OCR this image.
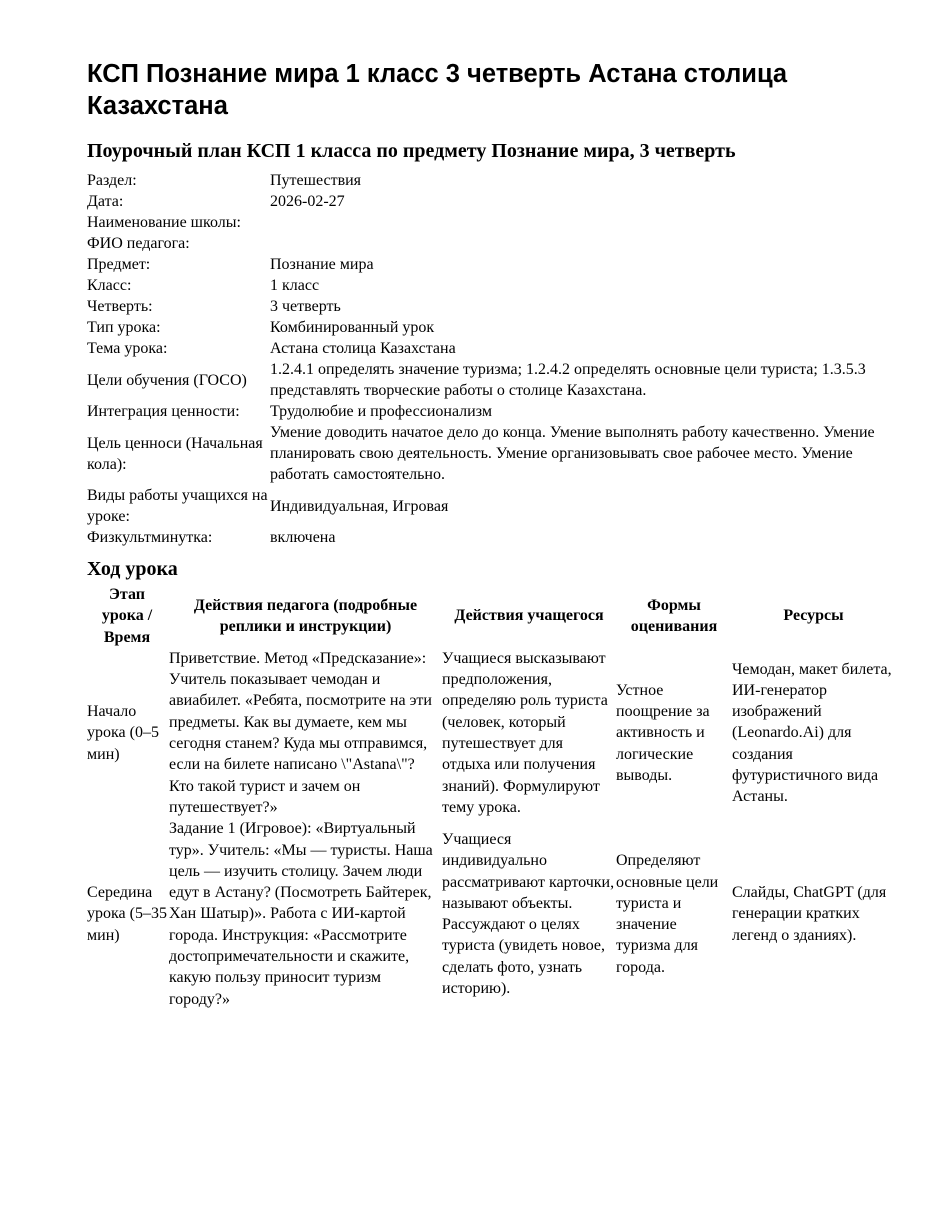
КСП Познание мира 1 класс 3 четверть Астана столица Казахстана
Поурочный план КСП 1 класса по предмету Познание мира, 3 четверть
Раздел:	Путешествия
Дата:	2026-02-27
Наименование школы:	
ФИО педагога:	
Предмет:	Познание мира
Класс:	1 класс
Четверть:	3 четверть
Тип урока:	Комбинированный урок
Тема урока:	Астана столица Казахстана
Цели обучения (ГОСО)	1.2.4.1 определять значение туризма; 1.2.4.2 определять основные цели туриста; 1.3.5.3 представлять творческие работы о столице Казахстана.
Интеграция ценности:	Трудолюбие и профессионализм
Цель ценноси (Начальная кола):	Умение доводить начатое дело до конца. Умение выполнять работу качественно. Умение планировать свою деятельность. Умение организовывать свое рабочее место. Умение работать самостоятельно.
Виды работы учащихся на уроке:	Индивидуальная, Игровая
Физкультминутка:	включена
Ход урока
Этап урока / Время	Действия педагога (подробные реплики и инструкции)	Действия учащегося	Формы оценивания	Ресурсы
Начало урока (0–5 мин)	Приветствие. Метод «Предсказание»: Учитель показывает чемодан и авиабилет. «Ребята, посмотрите на эти предметы. Как вы думаете, кем мы сегодня станем? Куда мы отправимся, если на билете написано \"Astana\"? Кто такой турист и зачем он путешествует?»	Учащиеся высказывают предположения, определяю роль туриста (человек, который путешествует для отдыха или получения знаний). Формулируют тему урока.	Устное поощрение за активность и логические выводы.	Чемодан, макет билета, ИИ-генератор изображений (Leonardo.Ai) для создания футуристичного вида Астаны.
Середина урока (5–35 мин)	Задание 1 (Игровое): «Виртуальный тур». Учитель: «Мы — туристы. Наша цель — изучить столицу. Зачем люди едут в Астану? (Посмотреть Байтерек, Хан Шатыр)». Работа с ИИ-картой города. Инструкция: «Рассмотрите достопримечательности и скажите, какую пользу приносит туризм городу?»	Учащиеся индивидуально рассматривают карточки, называют объекты. Рассуждают о целях туриста (увидеть новое, сделать фото, узнать историю).	Определяют основные цели туриста и значение туризма для города.	Слайды, ChatGPT (для генерации кратких легенд о зданиях).
